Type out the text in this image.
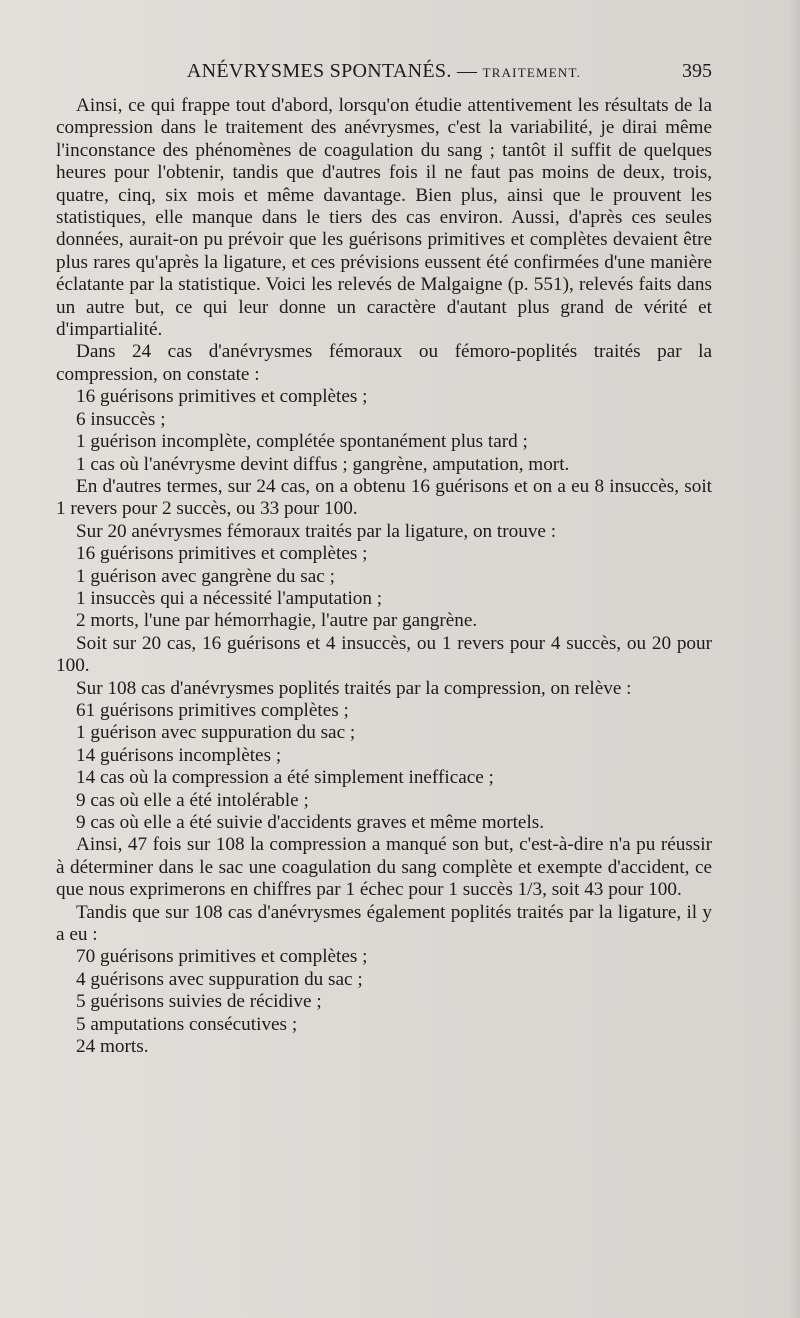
ANÉVRYSMES SPONTANÉS. — TRAITEMENT.	395

Ainsi, ce qui frappe tout d'abord, lorsqu'on étudie attentivement les résultats de la compression dans le traitement des anévrysmes, c'est la variabilité, je dirai même l'inconstance des phénomènes de coagulation du sang ; tantôt il suffit de quelques heures pour l'obtenir, tandis que d'autres fois il ne faut pas moins de deux, trois, quatre, cinq, six mois et même davantage. Bien plus, ainsi que le prouvent les statistiques, elle manque dans le tiers des cas environ. Aussi, d'après ces seules données, aurait-on pu prévoir que les guérisons primitives et complètes devaient être plus rares qu'après la ligature, et ces prévisions eussent été confirmées d'une manière éclatante par la statistique. Voici les relevés de Malgaigne (p. 551), relevés faits dans un autre but, ce qui leur donne un caractère d'autant plus grand de vérité et d'impartialité.

Dans 24 cas d'anévrysmes fémoraux ou fémoro-poplités traités par la compression, on constate :

16 guérisons primitives et complètes ;

6 insuccès ;

1 guérison incomplète, complétée spontanément plus tard ;

1 cas où l'anévrysme devint diffus ; gangrène, amputation, mort.

En d'autres termes, sur 24 cas, on a obtenu 16 guérisons et on a eu 8 insuccès, soit 1 revers pour 2 succès, ou 33 pour 100.

Sur 20 anévrysmes fémoraux traités par la ligature, on trouve :

16 guérisons primitives et complètes ;

1 guérison avec gangrène du sac ;

1 insuccès qui a nécessité l'amputation ;

2 morts, l'une par hémorrhagie, l'autre par gangrène.

Soit sur 20 cas, 16 guérisons et 4 insuccès, ou 1 revers pour 4 succès, ou 20 pour 100.

Sur 108 cas d'anévrysmes poplités traités par la compression, on relève :

61 guérisons primitives complètes ;

1 guérison avec suppuration du sac ;

14 guérisons incomplètes ;

14 cas où la compression a été simplement inefficace ;

9 cas où elle a été intolérable ;

9 cas où elle a été suivie d'accidents graves et même mortels.

Ainsi, 47 fois sur 108 la compression a manqué son but, c'est-à-dire n'a pu réussir à déterminer dans le sac une coagulation du sang complète et exempte d'accident, ce que nous exprimerons en chiffres par 1 échec pour 1 succès 1/3, soit 43 pour 100.

Tandis que sur 108 cas d'anévrysmes également poplités traités par la ligature, il y a eu :

70 guérisons primitives et complètes ;

4 guérisons avec suppuration du sac ;

5 guérisons suivies de récidive ;

5 amputations consécutives ;

24 morts.
